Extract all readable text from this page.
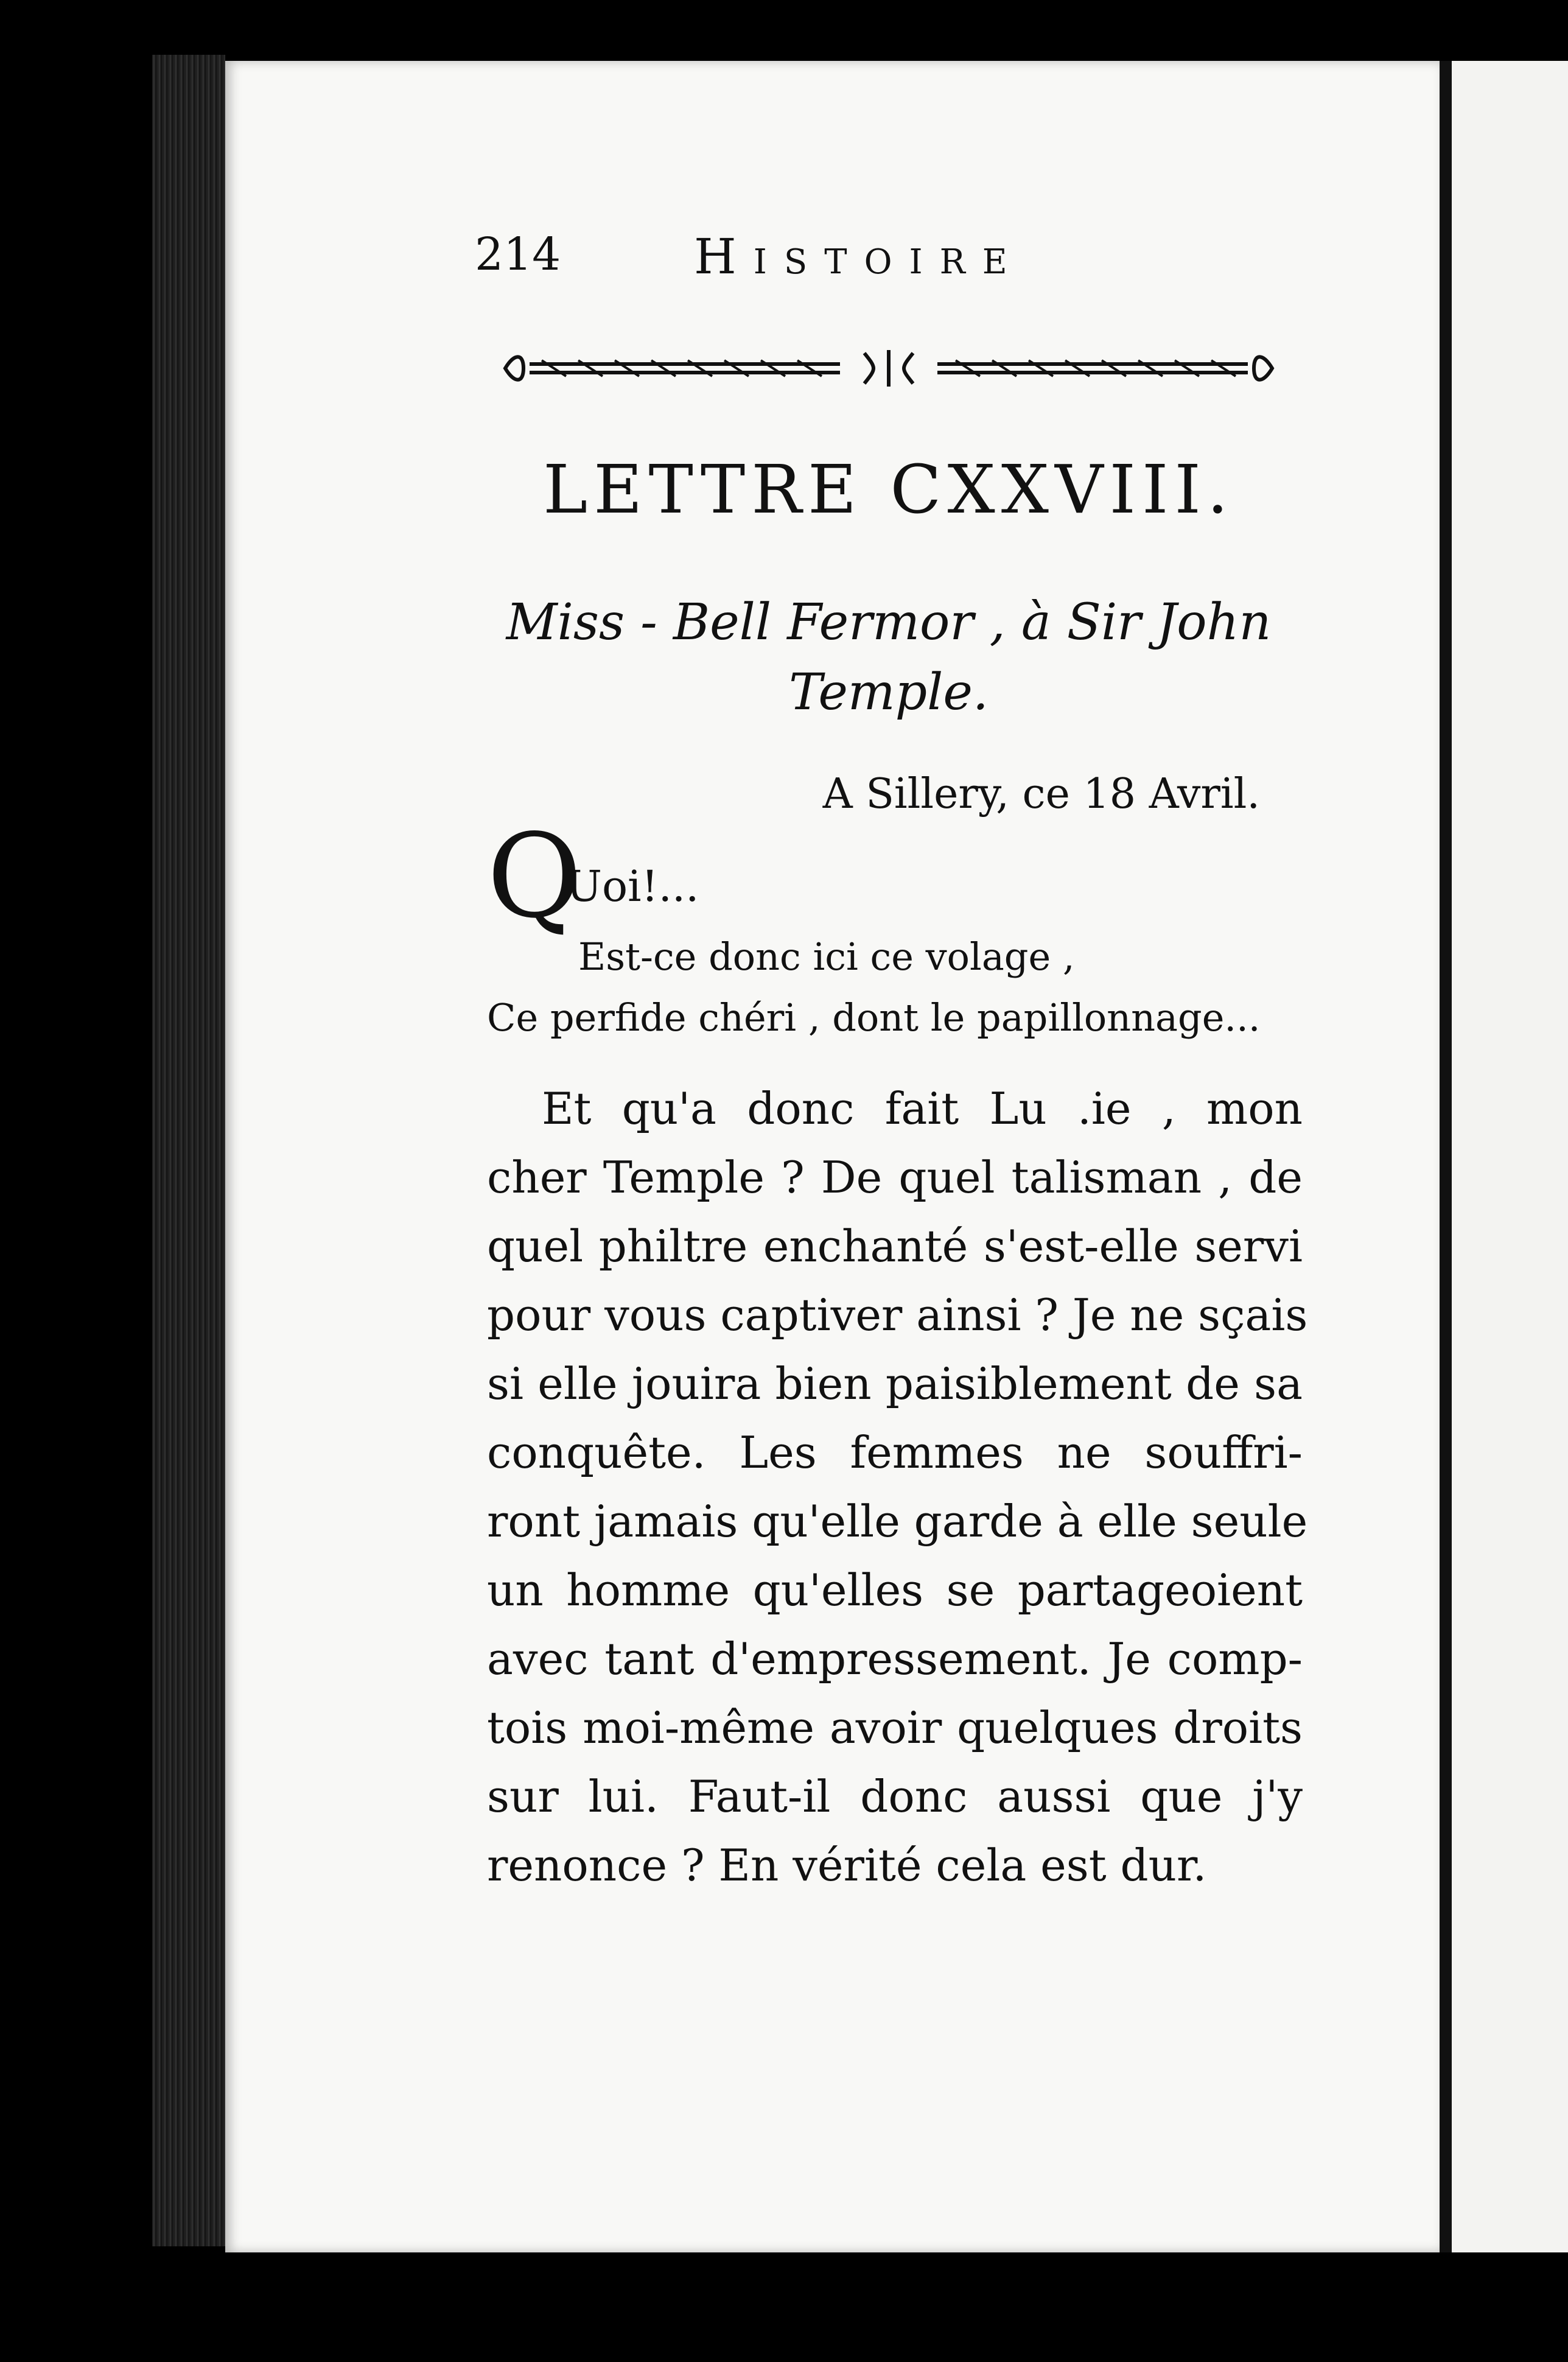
214	Histoire
LETTRE CXXVIII.
Miss - Bell Fermor , à Sir John
Temple.
A Sillery, ce 18 Avril.
Q
Uoi!...
Est-ce donc ici ce volage ,
Ce perfide chéri , dont le papillonnage...
Et qu'a donc fait Lu .ie , mon
cher Temple ? De quel talisman , de
quel philtre enchanté s'est-elle servi
pour vous captiver ainsi ? Je ne sçais
si elle jouira bien paisiblement de sa
conquête. Les femmes ne souffri-
ront jamais qu'elle garde à elle seule
un homme qu'elles se partageoient
avec tant d'empressement. Je comp-
tois moi-même avoir quelques droits
sur lui. Faut-il donc aussi que j'y
renonce ? En vérité cela est dur.
